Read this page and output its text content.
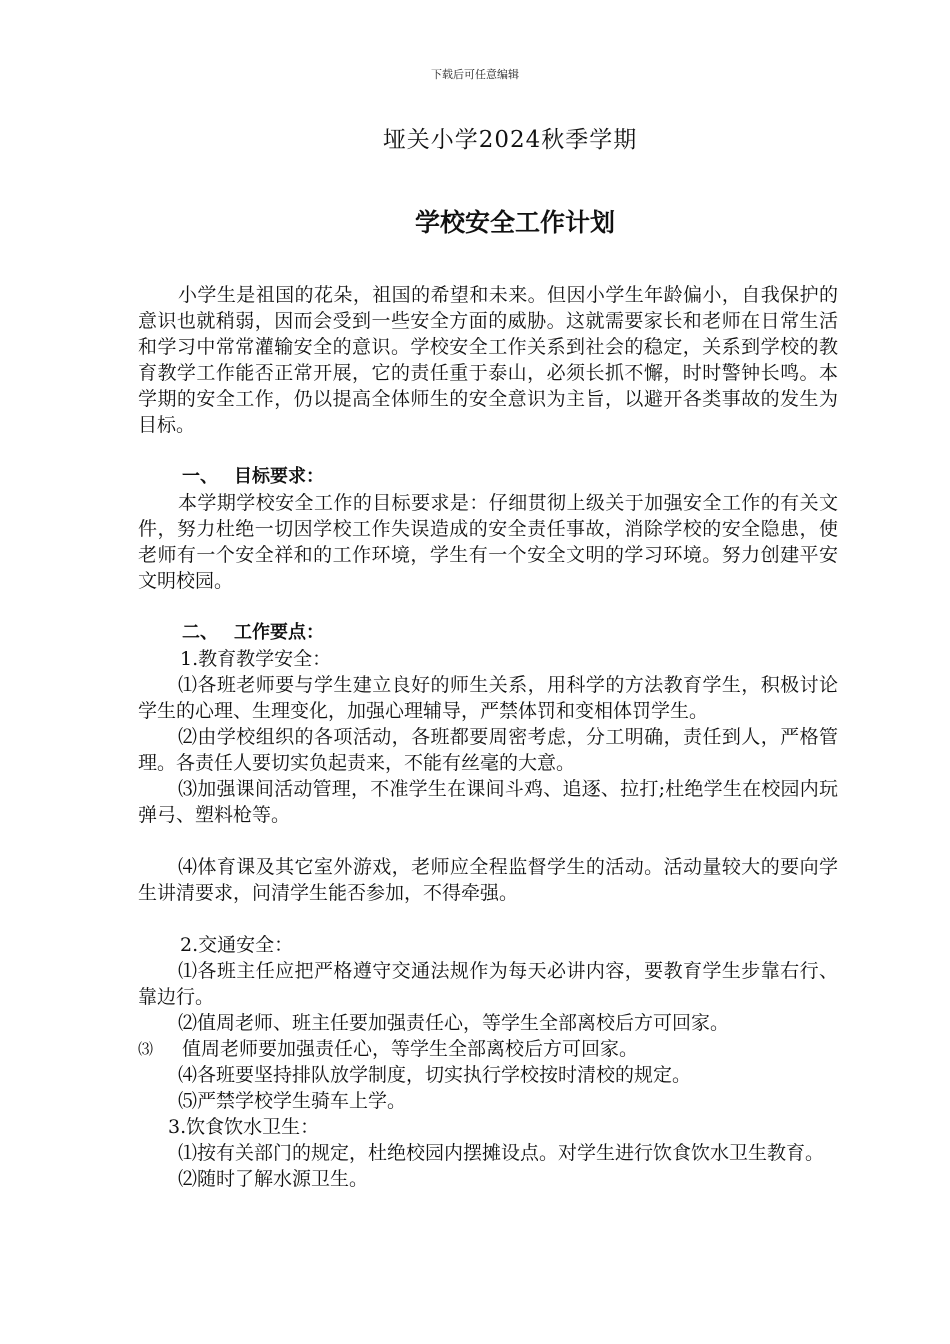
下载后可任意编辑
垭关小学2024秋季学期
学校安全工作计划

小学生是祖国的花朵，祖国的希望和未来。但因小学生年龄偏小，自我保护的意识也就稍弱，因而会受到一些安全方面的威胁。这就需要家长和老师在日常生活和学习中常常灌输安全的意识。学校安全工作关系到社会的稳定，关系到学校的教育教学工作能否正常开展，它的责任重于泰山，必须长抓不懈，时时警钟长鸣。本学期的安全工作，仍以提高全体师生的安全意识为主旨，以避开各类事故的发生为目标。

一、 目标要求：

本学期学校安全工作的目标要求是：仔细贯彻上级关于加强安全工作的有关文件，努力杜绝一切因学校工作失误造成的安全责任事故，消除学校的安全隐患，使老师有一个安全祥和的工作环境，学生有一个安全文明的学习环境。努力创建平安文明校园。

二、 工作要点：

1.教育教学安全：

⑴各班老师要与学生建立良好的师生关系，用科学的方法教育学生，积极讨论学生的心理、生理变化，加强心理辅导，严禁体罚和变相体罚学生。

⑵由学校组织的各项活动，各班都要周密考虑，分工明确，责任到人，严格管理。各责任人要切实负起责来，不能有丝毫的大意。

⑶加强课间活动管理，不准学生在课间斗鸡、追逐、拉打;杜绝学生在校园内玩弹弓、塑料枪等。

⑷体育课及其它室外游戏，老师应全程监督学生的活动。活动量较大的要向学生讲清要求，问清学生能否参加，不得牵强。

2.交通安全：

⑴各班主任应把严格遵守交通法规作为每天必讲内容，要教育学生步靠右行、靠边行。

⑵值周老师、班主任要加强责任心，等学生全部离校后方可回家。

⑶ 值周老师要加强责任心，等学生全部离校后方可回家。

⑷各班要坚持排队放学制度，切实执行学校按时清校的规定。

⑸严禁学校学生骑车上学。

3.饮食饮水卫生：

⑴按有关部门的规定，杜绝校园内摆摊设点。对学生进行饮食饮水卫生教育。

⑵随时了解水源卫生。
